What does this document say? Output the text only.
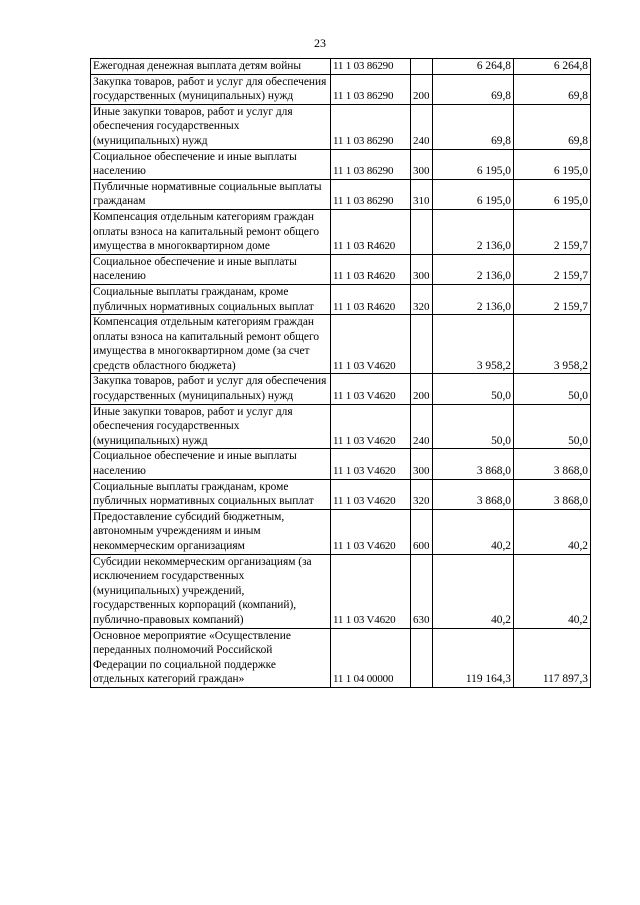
23
Ежегодная денежная выплата детям войны	11 1 03 86290		6 264,8	6 264,8
Закупка товаров, работ и услуг для обеспечения государственных (муниципальных) нужд	11 1 03 86290	200	69,8	69,8
Иные закупки товаров, работ и услуг для обеспечения государственных (муниципальных) нужд	11 1 03 86290	240	69,8	69,8
Социальное обеспечение и иные выплаты населению	11 1 03 86290	300	6 195,0	6 195,0
Публичные нормативные социальные выплаты гражданам	11 1 03 86290	310	6 195,0	6 195,0
Компенсация отдельным категориям граждан оплаты взноса на капитальный ремонт общего имущества в многоквартирном доме	11 1 03 R4620		2 136,0	2 159,7
Социальное обеспечение и иные выплаты населению	11 1 03 R4620	300	2 136,0	2 159,7
Социальные выплаты гражданам, кроме публичных нормативных социальных выплат	11 1 03 R4620	320	2 136,0	2 159,7
Компенсация отдельным категориям граждан оплаты взноса на капитальный ремонт общего имущества в многоквартирном доме (за счет средств областного бюджета)	11 1 03 V4620		3 958,2	3 958,2
Закупка товаров, работ и услуг для обеспечения государственных (муниципальных) нужд	11 1 03 V4620	200	50,0	50,0
Иные закупки товаров, работ и услуг для обеспечения государственных (муниципальных) нужд	11 1 03 V4620	240	50,0	50,0
Социальное обеспечение и иные выплаты населению	11 1 03 V4620	300	3 868,0	3 868,0
Социальные выплаты гражданам, кроме публичных нормативных социальных выплат	11 1 03 V4620	320	3 868,0	3 868,0
Предоставление субсидий бюджетным, автономным учреждениям и иным некоммерческим организациям	11 1 03 V4620	600	40,2	40,2
Субсидии некоммерческим организациям (за исключением государственных (муниципальных) учреждений, государственных корпораций (компаний), публично-правовых компаний)	11 1 03 V4620	630	40,2	40,2
Основное мероприятие «Осуществление переданных полномочий Российской Федерации по социальной поддержке отдельных категорий граждан»	11 1 04 00000		119 164,3	117 897,3
